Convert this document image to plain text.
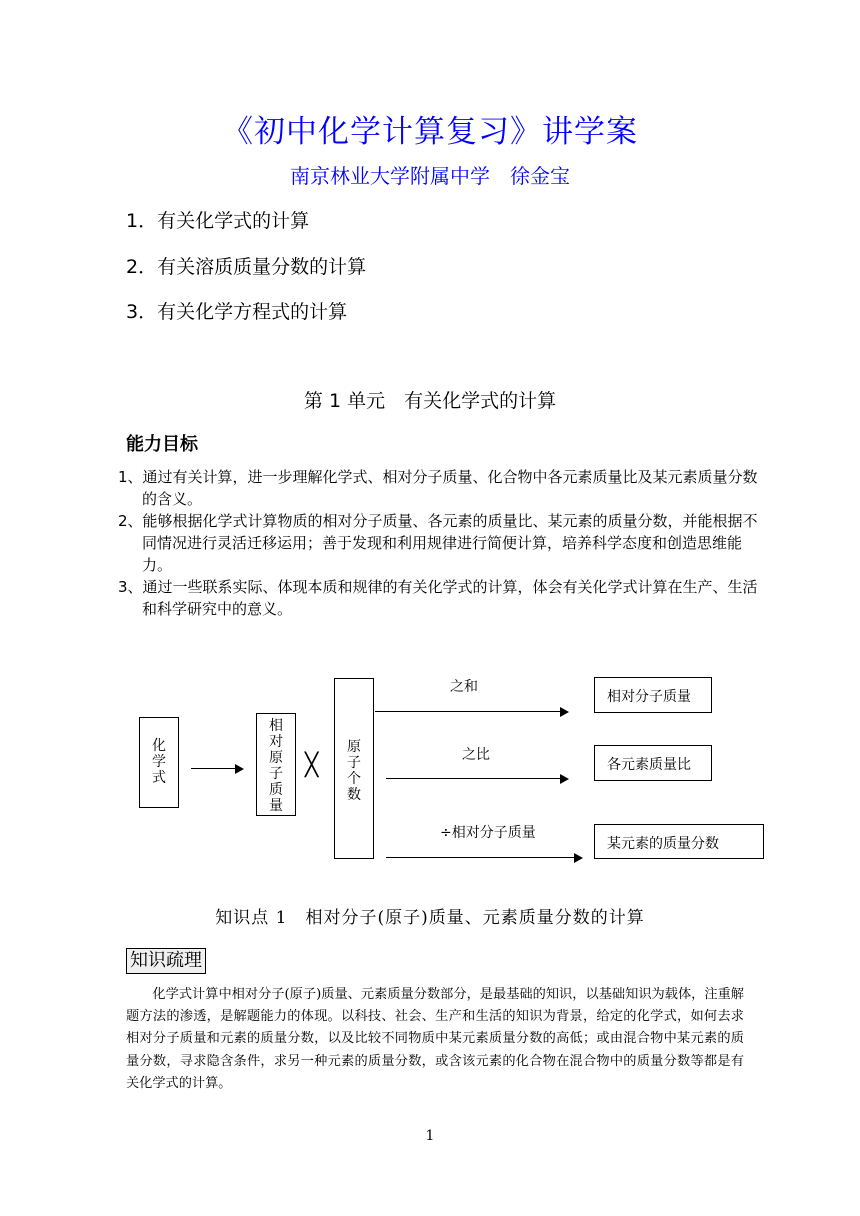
《初中化学计算复习》讲学案
南京林业大学附属中学　徐金宝
1．有关化学式的计算
2．有关溶质质量分数的计算
3．有关化学方程式的计算
第 1 单元　有关化学式的计算
能力目标
1、通过有关计算，进一步理解化学式、相对分子质量、化合物中各元素质量比及某元素质量分数的含义。
2、能够根据化学式计算物质的相对分子质量、各元素的质量比、某元素的质量分数，并能根据不同情况进行灵活迁移运用；善于发现和利用规律进行简便计算，培养科学态度和创造思维能力。
3、通过一些联系实际、体现本质和规律的有关化学式的计算，体会有关化学式计算在生产、生活和科学研究中的意义。
化学式
相对原子质量
╳
原子个数
之和
相对分子质量
之比
各元素质量比
÷相对分子质量
某元素的质量分数
知识点 1　相对分子(原子)质量、元素质量分数的计算
知识疏理
化学式计算中相对分子(原子)质量、元素质量分数部分，是最基础的知识，以基础知识为载体，注重解题方法的渗透，是解题能力的体现。以科技、社会、生产和生活的知识为背景，给定的化学式，如何去求相对分子质量和元素的质量分数，以及比较不同物质中某元素质量分数的高低；或由混合物中某元素的质量分数，寻求隐含条件，求另一种元素的质量分数，或含该元素的化合物在混合物中的质量分数等都是有关化学式的计算。
1
